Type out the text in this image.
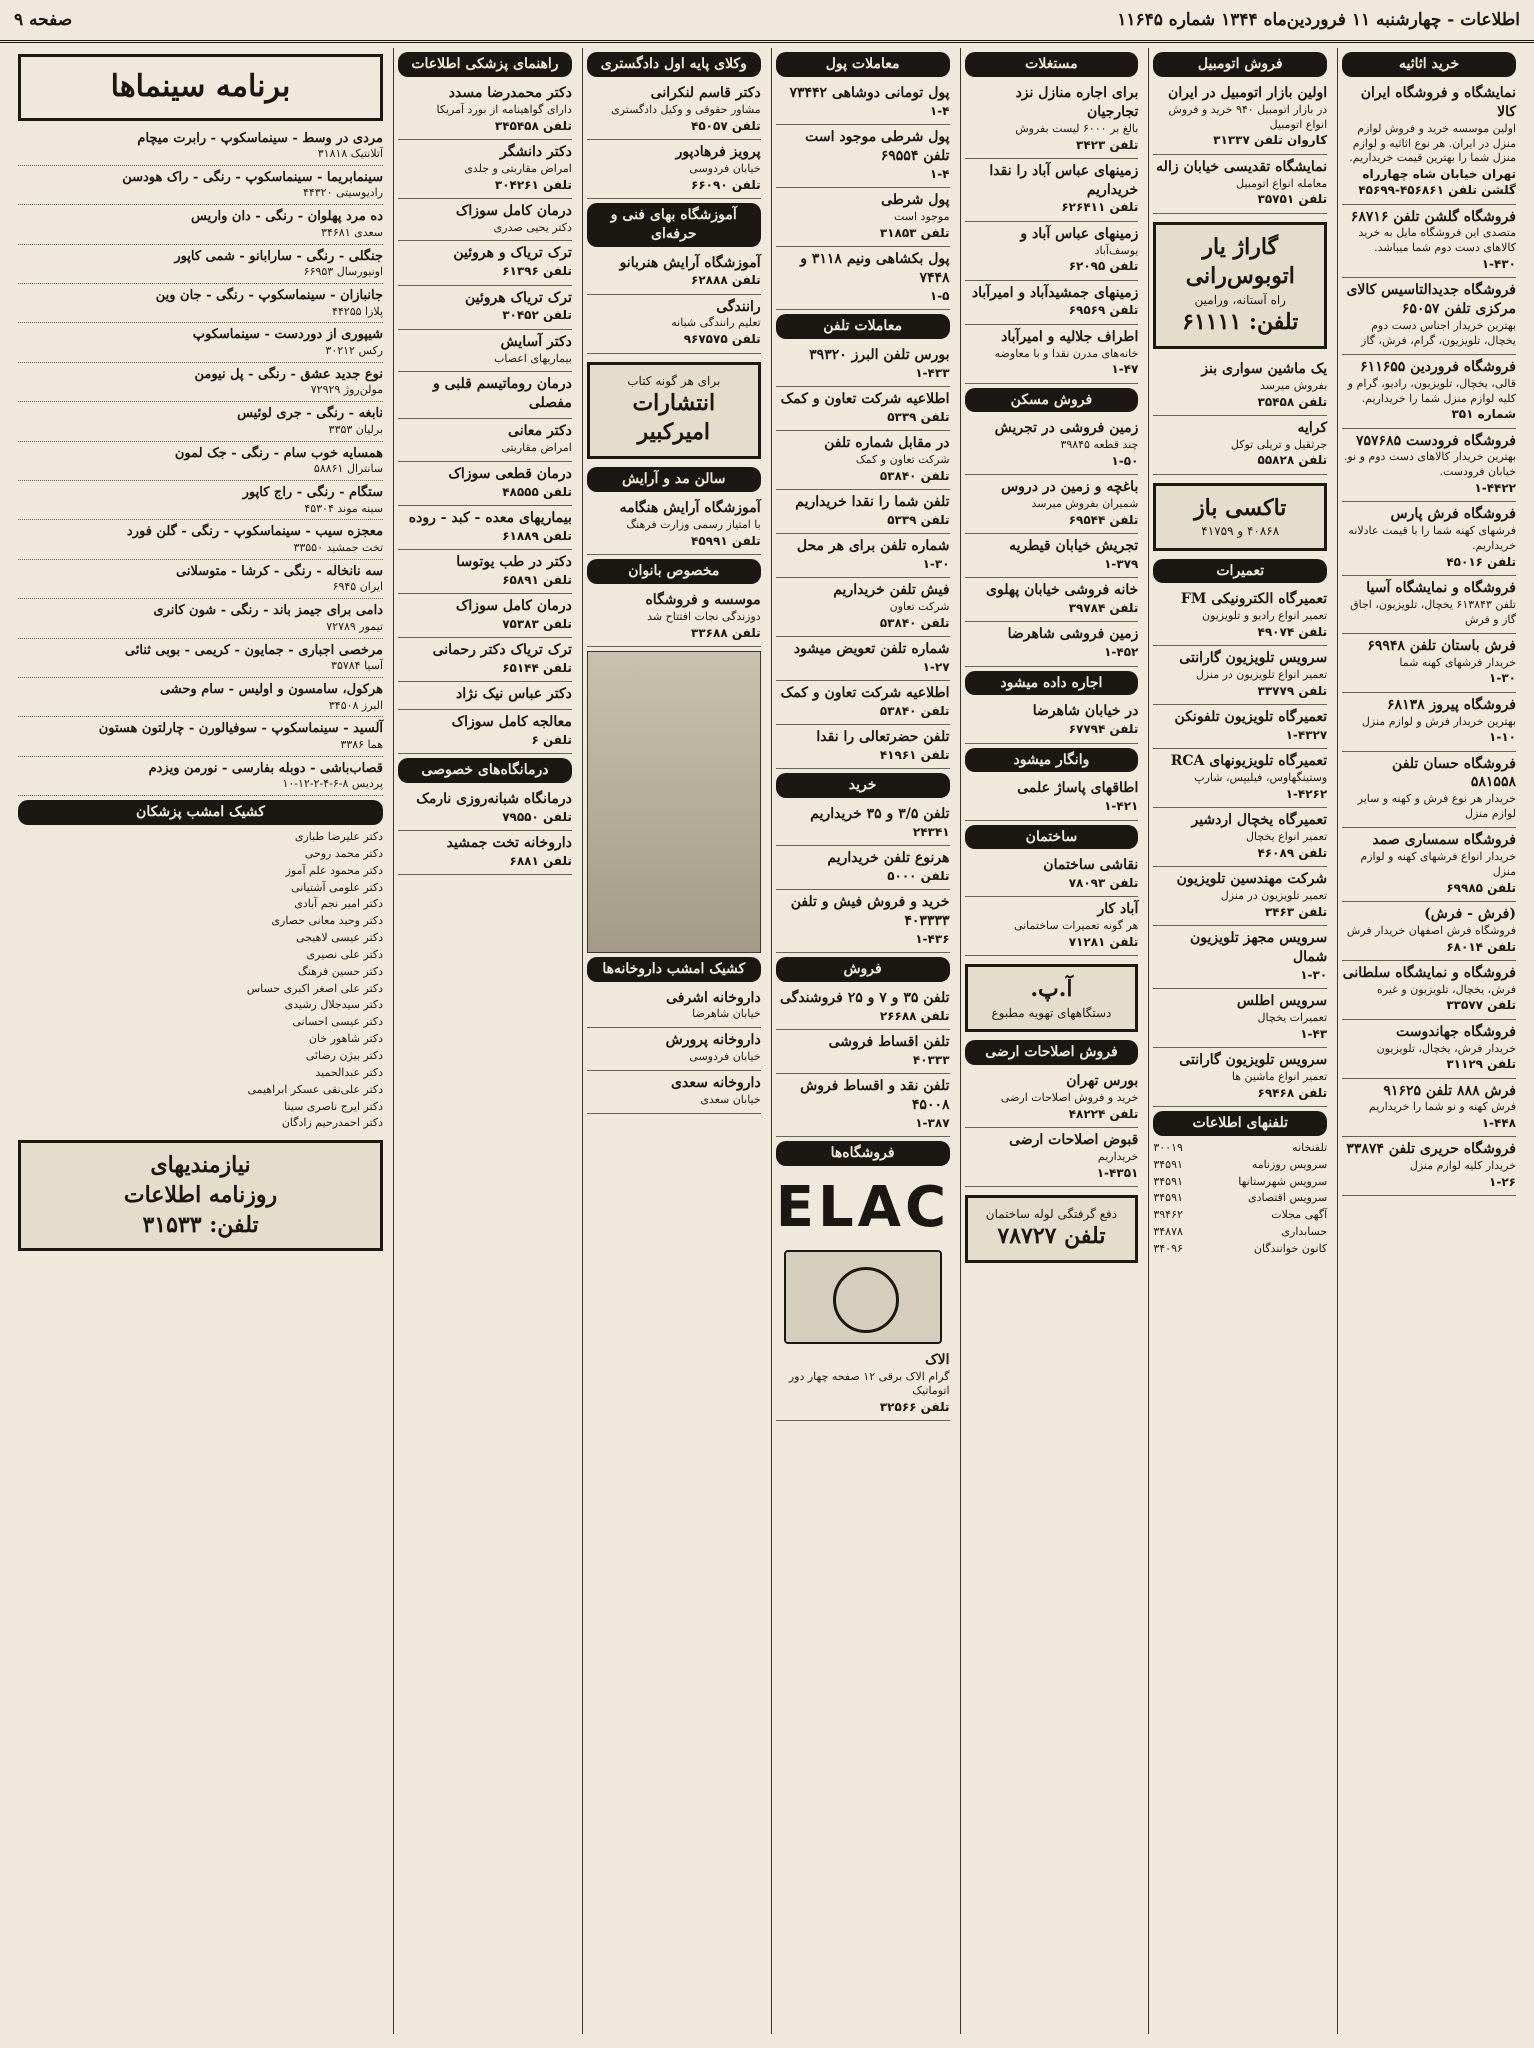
اطلاعات - چهارشنبه ۱۱ فروردین‌ماه ۱۳۴۴ شماره ۱۱۶۴۵
صفحه ۹
خرید اثاثیه
نمایشگاه و فروشگاه ایران کالا
اولین موسسه خرید و فروش لوازم منزل در ایران. هر نوع اثاثیه و لوازم منزل شما را بهترین قیمت خریداریم.
تهران خیابان شاه چهارراه گلشن تلفن ۴۵۶۸۶۱-۴۵۶۹۹
فروشگاه گلشن تلفن ۶۸۷۱۶
متصدی این فروشگاه مایل به خرید کالاهای دست دوم شما میباشد.
۱-۴۳۰
فروشگاه جدیدالتاسیس کالای مرکزی تلفن ۶۵۰۵۷
بهترین خریدار اجناس دست دوم یخچال، تلویزیون، گرام، فرش، گاز
فروشگاه فروردین ۶۱۱۶۵۵
قالی، یخچال، تلویزیون، رادیو، گرام و کلیه لوازم منزل شما را خریداریم.
شماره ۳۵۱
فروشگاه فرودست ۷۵۷۶۸۵
بهترین خریدار کالاهای دست دوم و نو. خیابان فرودست.
۱-۴۴۲۲
فروشگاه فرش پارس
فرشهای کهنه شما را با قیمت عادلانه خریداریم.
تلفن ۴۵۰۱۶
فروشگاه و نمایشگاه آسیا
تلفن ۶۱۳۸۴۳ یخچال، تلویزیون، اجاق گاز و فرش
فرش باستان تلفن ۶۹۹۴۸
خریدار فرشهای کهنه شما
۱-۳۰
فروشگاه پیروز ۶۸۱۳۸
بهترین خریدار فرش و لوازم منزل
۱-۱۰
فروشگاه حسان تلفن ۵۸۱۵۵۸
خریدار هر نوع فرش و کهنه و سایر لوازم منزل
فروشگاه سمساری صمد
خریدار انواع فرشهای کهنه و لوازم منزل
تلفن ۶۹۹۸۵
(فرش - فرش)
فروشگاه فرش اصفهان خریدار فرش
تلفن ۶۸۰۱۴
فروشگاه و نمایشگاه سلطانی
فرش، یخچال، تلویزیون و غیره
تلفن ۳۳۵۷۷
فروشگاه جهاندوست
خریدار فرش، یخچال، تلویزیون
تلفن ۳۱۱۲۹
فرش ۸۸۸ تلفن ۹۱۶۲۵
فرش کهنه و نو شما را خریداریم
۱-۴۴۸
فروشگاه حریری تلفن ۳۳۸۷۴
خریدار کلیه لوازم منزل
۱-۲۶
فروش اتومبیل
اولین بازار اتومبیل در ایران
در بازار اتومبیل ۹۴۰ خرید و فروش انواع اتومبیل
کاروان تلفن ۳۱۳۳۷
نمایشگاه تقدیسی خیابان زاله
معامله انواع اتومبیل
تلفن ۳۵۷۵۱
گاراژ یار اتوبوس‌رانی
راه آستانه، ورامین
تلفن: ۶۱۱۱۱
یک ماشین سواری بنز
بفروش میرسد
تلفن ۳۵۴۵۸
کرایه
جرثقیل و تریلی توکل
تلفن ۵۵۸۲۸
تاکسی باز
۴۰۸۶۸ و ۴۱۷۵۹
تعمیرات
تعمیرگاه الکترونیکی FM
تعمیر انواع رادیو و تلویزیون
تلفن ۴۹۰۷۴
سرویس تلویزیون گارانتی
تعمیر انواع تلویزیون در منزل
تلفن ۳۳۷۷۹
تعمیرگاه تلویزیون تلفونکن
۱-۴۳۲۷
تعمیرگاه تلویزیونهای RCA
وستینگهاوس، فیلیپس، شارپ
۱-۴۲۶۲
تعمیرگاه یخچال اردشیر
تعمیر انواع یخچال
تلفن ۴۶۰۸۹
شرکت مهندسین تلویزیون
تعمیر تلویزیون در منزل
تلفن ۳۴۶۳
سرویس مجهز تلویزیون شمال
۱-۳۰
سرویس اطلس
تعمیرات یخچال
۱-۴۳
سرویس تلویزیون گارانتی
تعمیر انواع ماشین ها
تلفن ۶۹۴۶۸
تلفنهای اطلاعات
تلفنخانه
۳۰۰۱۹
سرویس روزنامه
۳۴۵۹۱
سرویس شهرستانها
۳۴۵۹۱
سرویس اقتصادی
۳۴۵۹۱
آگهی مجلات
۳۹۴۶۲
حسابداری
۳۴۸۷۸
کانون خوانندگان
۳۴۰۹۶
مستغلات
برای اجاره منازل نزد تجارجیان
بالغ بر ۶۰۰۰ لیست بفروش
تلفن ۳۴۲۳
زمینهای عباس آباد را نقدا خریداریم
تلفن ۶۲۶۴۱۱
زمینهای عباس آباد و
یوسف‌آباد
تلفن ۶۲۰۹۵
زمینهای جمشیدآباد و امیرآباد
تلفن ۶۹۵۶۹
اطراف جلالیه و امیرآباد
خانه‌های مدرن نقدا و با معاوضه
۱-۴۷
فروش مسکن
زمین فروشی در تجریش
چند قطعه ۳۹۸۴۵
۱-۵۰
باغچه و زمین در دروس
شمیران بفروش میرسد
تلفن ۶۹۵۴۴
تجریش خیابان قیطریه
۱-۳۷۹
خانه فروشی خیابان پهلوی
تلفن ۳۹۷۸۴
زمین فروشی شاهرضا
۱-۴۵۲
اجاره داده میشود
در خیابان شاهرضا
تلفن ۶۷۷۹۴
وانگار میشود
اطاقهای پاساژ علمی
۱-۴۲۱
ساختمان
نقاشی ساختمان
تلفن ۷۸۰۹۳
آباد کار
هر گونه تعمیرات ساختمانی
تلفن ۷۱۲۸۱
آ.پ.
دستگاههای تهویه مطبوع
فروش اصلاحات ارضی
بورس تهران
خرید و فروش اصلاحات ارضی
تلفن ۴۸۲۲۴
قبوض اصلاحات ارضی
خریداریم
۱-۴۳۵۱
دفع گرفتگی لوله ساختمان
تلفن ۷۸۷۲۷
معاملات پول
پول تومانی دوشاهی ۷۳۴۴۲
۱-۴
پول شرطی موجود است تلفن ۶۹۵۵۴
۱-۴
پول شرطی
موجود است
تلفن ۳۱۸۵۳
پول بکشاهی ونیم ۳۱۱۸ و ۷۴۴۸
۱-۵
معاملات تلفن
بورس تلفن البرز ۳۹۳۲۰
۱-۴۳۳
اطلاعیه شرکت تعاون و کمک
تلفن ۵۳۳۹
در مقابل شماره تلفن
شرکت تعاون و کمک
تلفن ۵۳۸۴۰
تلفن شما را نقدا خریداریم
تلفن ۵۳۳۹
شماره تلفن برای هر محل
۱-۳۰
فیش تلفن خریداریم
شرکت تعاون
تلفن ۵۳۸۴۰
شماره تلفن تعویض میشود
۱-۲۷
اطلاعیه شرکت تعاون و کمک
تلفن ۵۳۸۴۰
تلفن حضرتعالی را نقدا
تلفن ۴۱۹۶۱
خرید
تلفن ۳/۵ و ۳۵ خریداریم
۲۴۳۴۱
هرنوع تلفن خریداریم
تلفن ۵۰۰۰
خرید و فروش فیش و تلفن ۴۰۳۳۳۳
۱-۴۳۶
فروش
تلفن ۳۵ و ۷ و ۲۵ فروشندگی
تلفن ۲۶۶۸۸
تلفن اقساط فروشی
۴۰۳۳۳
تلفن نقد و اقساط فروش ۴۵۰۰۸
۱-۳۸۷
فروشگاه‌ها
ELAC
الاک
گرام الاک برقی ۱۲ صفحه چهار دور اتوماتیک
تلفن ۳۲۵۶۶
وکلای پایه اول دادگستری
دکتر قاسم لنکرانی
مشاور حقوقی و وکیل دادگستری
تلفن ۴۵۰۵۷
پرویز فرهادپور
خیابان فردوسی
تلفن ۶۶۰۹۰
آموزشگاه بهای فنی و حرفه‌ای
آموزشگاه آرایش هنربانو
تلفن ۶۲۸۸۸
رانندگی
تعلیم رانندگی شبانه
تلفن ۹۶۷۵۷۵
برای هر گونه کتاب
انتشارات امیرکبیر
سالن مد و آرایش
آموزشگاه آرایش هنگامه
با امتیاز رسمی وزارت فرهنگ
تلفن ۴۵۹۹۱
مخصوص بانوان
موسسه و فروشگاه
دوزندگی نجات افتتاح شد
تلفن ۳۳۶۸۸
کشیک امشب داروخانه‌ها
داروخانه اشرفی
خیابان شاهرضا
داروخانه پرورش
خیابان فردوسی
داروخانه سعدی
خیابان سعدی
راهنمای پزشکی اطلاعات
دکتر محمدرضا مسدد
دارای گواهینامه از بورد آمریکا
تلفن ۳۴۵۴۵۸
دکتر دانشگر
امراض مقاربتی و جلدی
تلفن ۳۰۴۲۶۱
درمان کامل سوزاک
دکتر یحیی صدری
ترک تریاک و هروئین
تلفن ۶۱۳۹۶
ترک تریاک هروئین
تلفن ۳۰۴۵۲
دکتر آسایش
بیماریهای اعصاب
درمان روماتیسم قلبی و مفصلی
دکتر معانی
امراض مقاربتی
درمان قطعی سوزاک
تلفن ۴۸۵۵۵
بیماریهای معده - کبد - روده
تلفن ۶۱۸۸۹
دکتر در طب یوتوسا
تلفن ۶۵۸۹۱
درمان کامل سوزاک
تلفن ۷۵۳۸۳
ترک تریاک دکتر رحمانی
تلفن ۶۵۱۴۴
دکتر عباس نیک نژاد
معالجه کامل سوزاک
تلفن ۶
درمانگاه‌های خصوصی
درمانگاه شبانه‌روزی نارمک
تلفن ۷۹۵۵۰
داروخانه تخت جمشید
تلفن ۶۸۸۱
برنامه سینماها
مردی در وسط - سینماسکوپ - رابرت میچام
آتلانتیک ۳۱۸۱۸
سینمابریما - سینماسکوپ - رنگی - راک هودسن
رادیوسیتی ۴۴۳۲۰
ده مرد پهلوان - رنگی - دان واریس
سعدی ۳۴۶۸۱
جنگلی - رنگی - سارابانو - شمی کاپور
اونیورسال ۶۶۹۵۳
جانبازان - سینماسکوپ - رنگی - جان وین
پلازا ۴۴۲۵۵
شیپوری از دوردست - سینماسکوپ
رکس ۳۰۲۱۲
نوع جدید عشق - رنگی - پل نیومن
مولن‌روژ ۷۲۹۲۹
نابغه - رنگی - جری لوئیس
برلیان ۳۳۵۳
همسایه خوب سام - رنگی - جک لمون
سانترال ۵۸۸۶۱
ستگام - رنگی - راج کاپور
سینه موند ۴۵۳۰۴
معجزه سیب - سینماسکوپ - رنگی - گلن فورد
تخت جمشید ۳۳۵۵۰
سه نانخاله - رنگی - کرشا - متوسلانی
ایران ۶۹۴۵
دامی برای جیمز باند - رنگی - شون کانری
تیمور ۷۲۷۸۹
مرخصی اجباری - جمایون - کریمی - بوبی ثنائی
آسیا ۳۵۷۸۴
هرکول، سامسون و اولیس - سام وحشی
البرز ۳۴۵۰۸
آلسید - سینماسکوپ - سوفیالورن - چارلتون هستون
هما ۳۳۸۶
قصاب‌باشی - دوبله بفارسی - نورمن ویزدم
پردیس ۸-۶-۴-۲-۱۲-۱۰
کشیک امشب پزشکان
دکتر علیرضا طباری
دکتر محمد روحی
دکتر محمود علم آموز
دکتر علومی آشتیانی
دکتر امیر نجم آبادی
دکتر وحید معانی حصاری
دکتر عیسی لاهیجی
دکتر علی نصیری
دکتر حسین فرهنگ
دکتر علی اصغر اکبری حساس
دکتر سیدجلال رشیدی
دکتر عیسی احسانی
دکتر شاهور خان
دکتر بیژن رضائی
دکتر عبدالحمید
دکتر علی‌نقی عسکر ابراهیمی
دکتر ایرج ناصری سینا
دکتر احمدرحیم زادگان
نیازمندیهای
روزنامه اطلاعات
تلفن: ۳۱۵۳۳
